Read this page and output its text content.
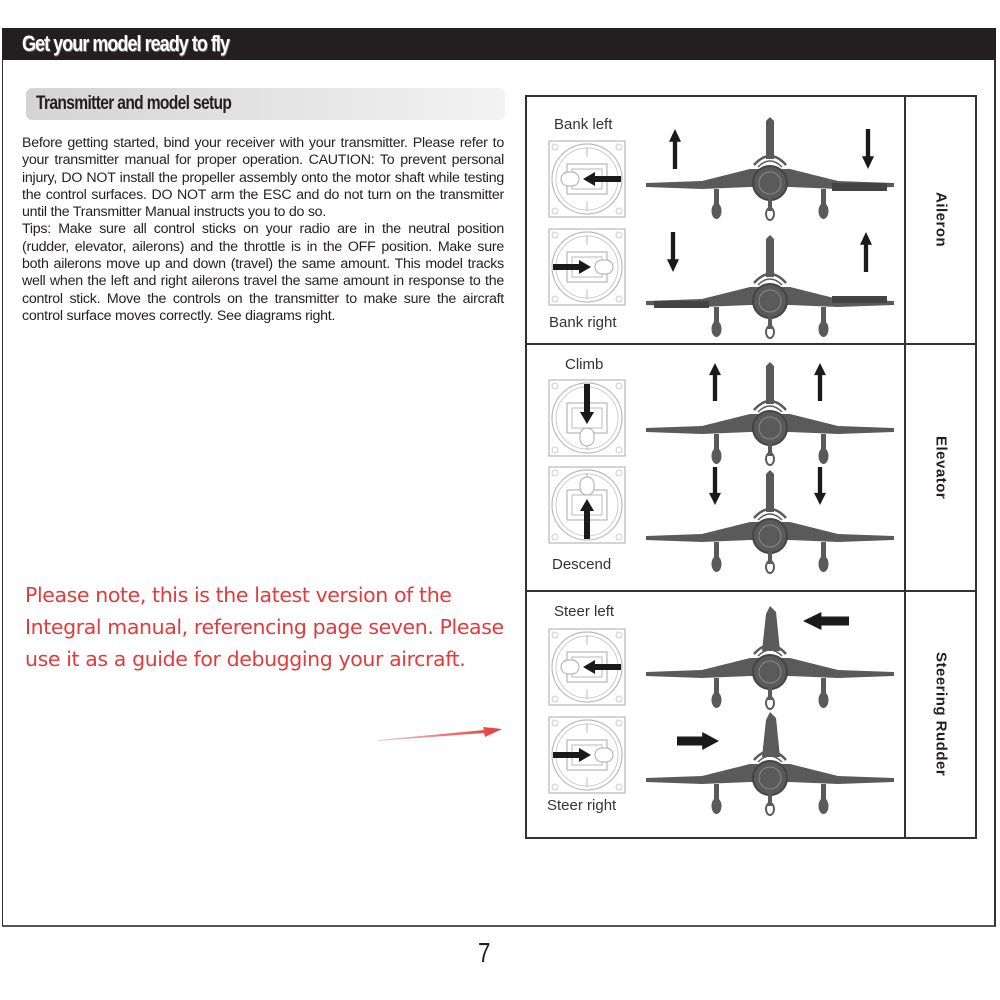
Get your model ready to fly
Transmitter and model setup

Before getting started, bind your receiver with your transmitter. Please refer to your transmitter manual for proper operation. CAUTION: To prevent personal injury, DO NOT install the propeller assembly onto the motor shaft while testing the control surfaces. DO NOT arm the ESC and do not turn on the transmitter until the Transmitter Manual instructs you to do so.

Tips: Make sure all control sticks on your radio are in the neutral position (rudder, elevator, ailerons) and the throttle is in the OFF position. Make sure both ailerons move up and down (travel) the same amount. This model tracks well when the left and right ailerons travel the same amount in response to the control stick. Move the controls on the transmitter to make sure the aircraft control surface moves correctly. See diagrams right.

Please note, this is the latest version of the Integral manual, referencing page seven. Please use it as a guide for debugging your aircraft.
Bank left
Bank right
Aileron
Climb
Descend
Elevator
Steer left
Steer right
Steering Rudder
7
